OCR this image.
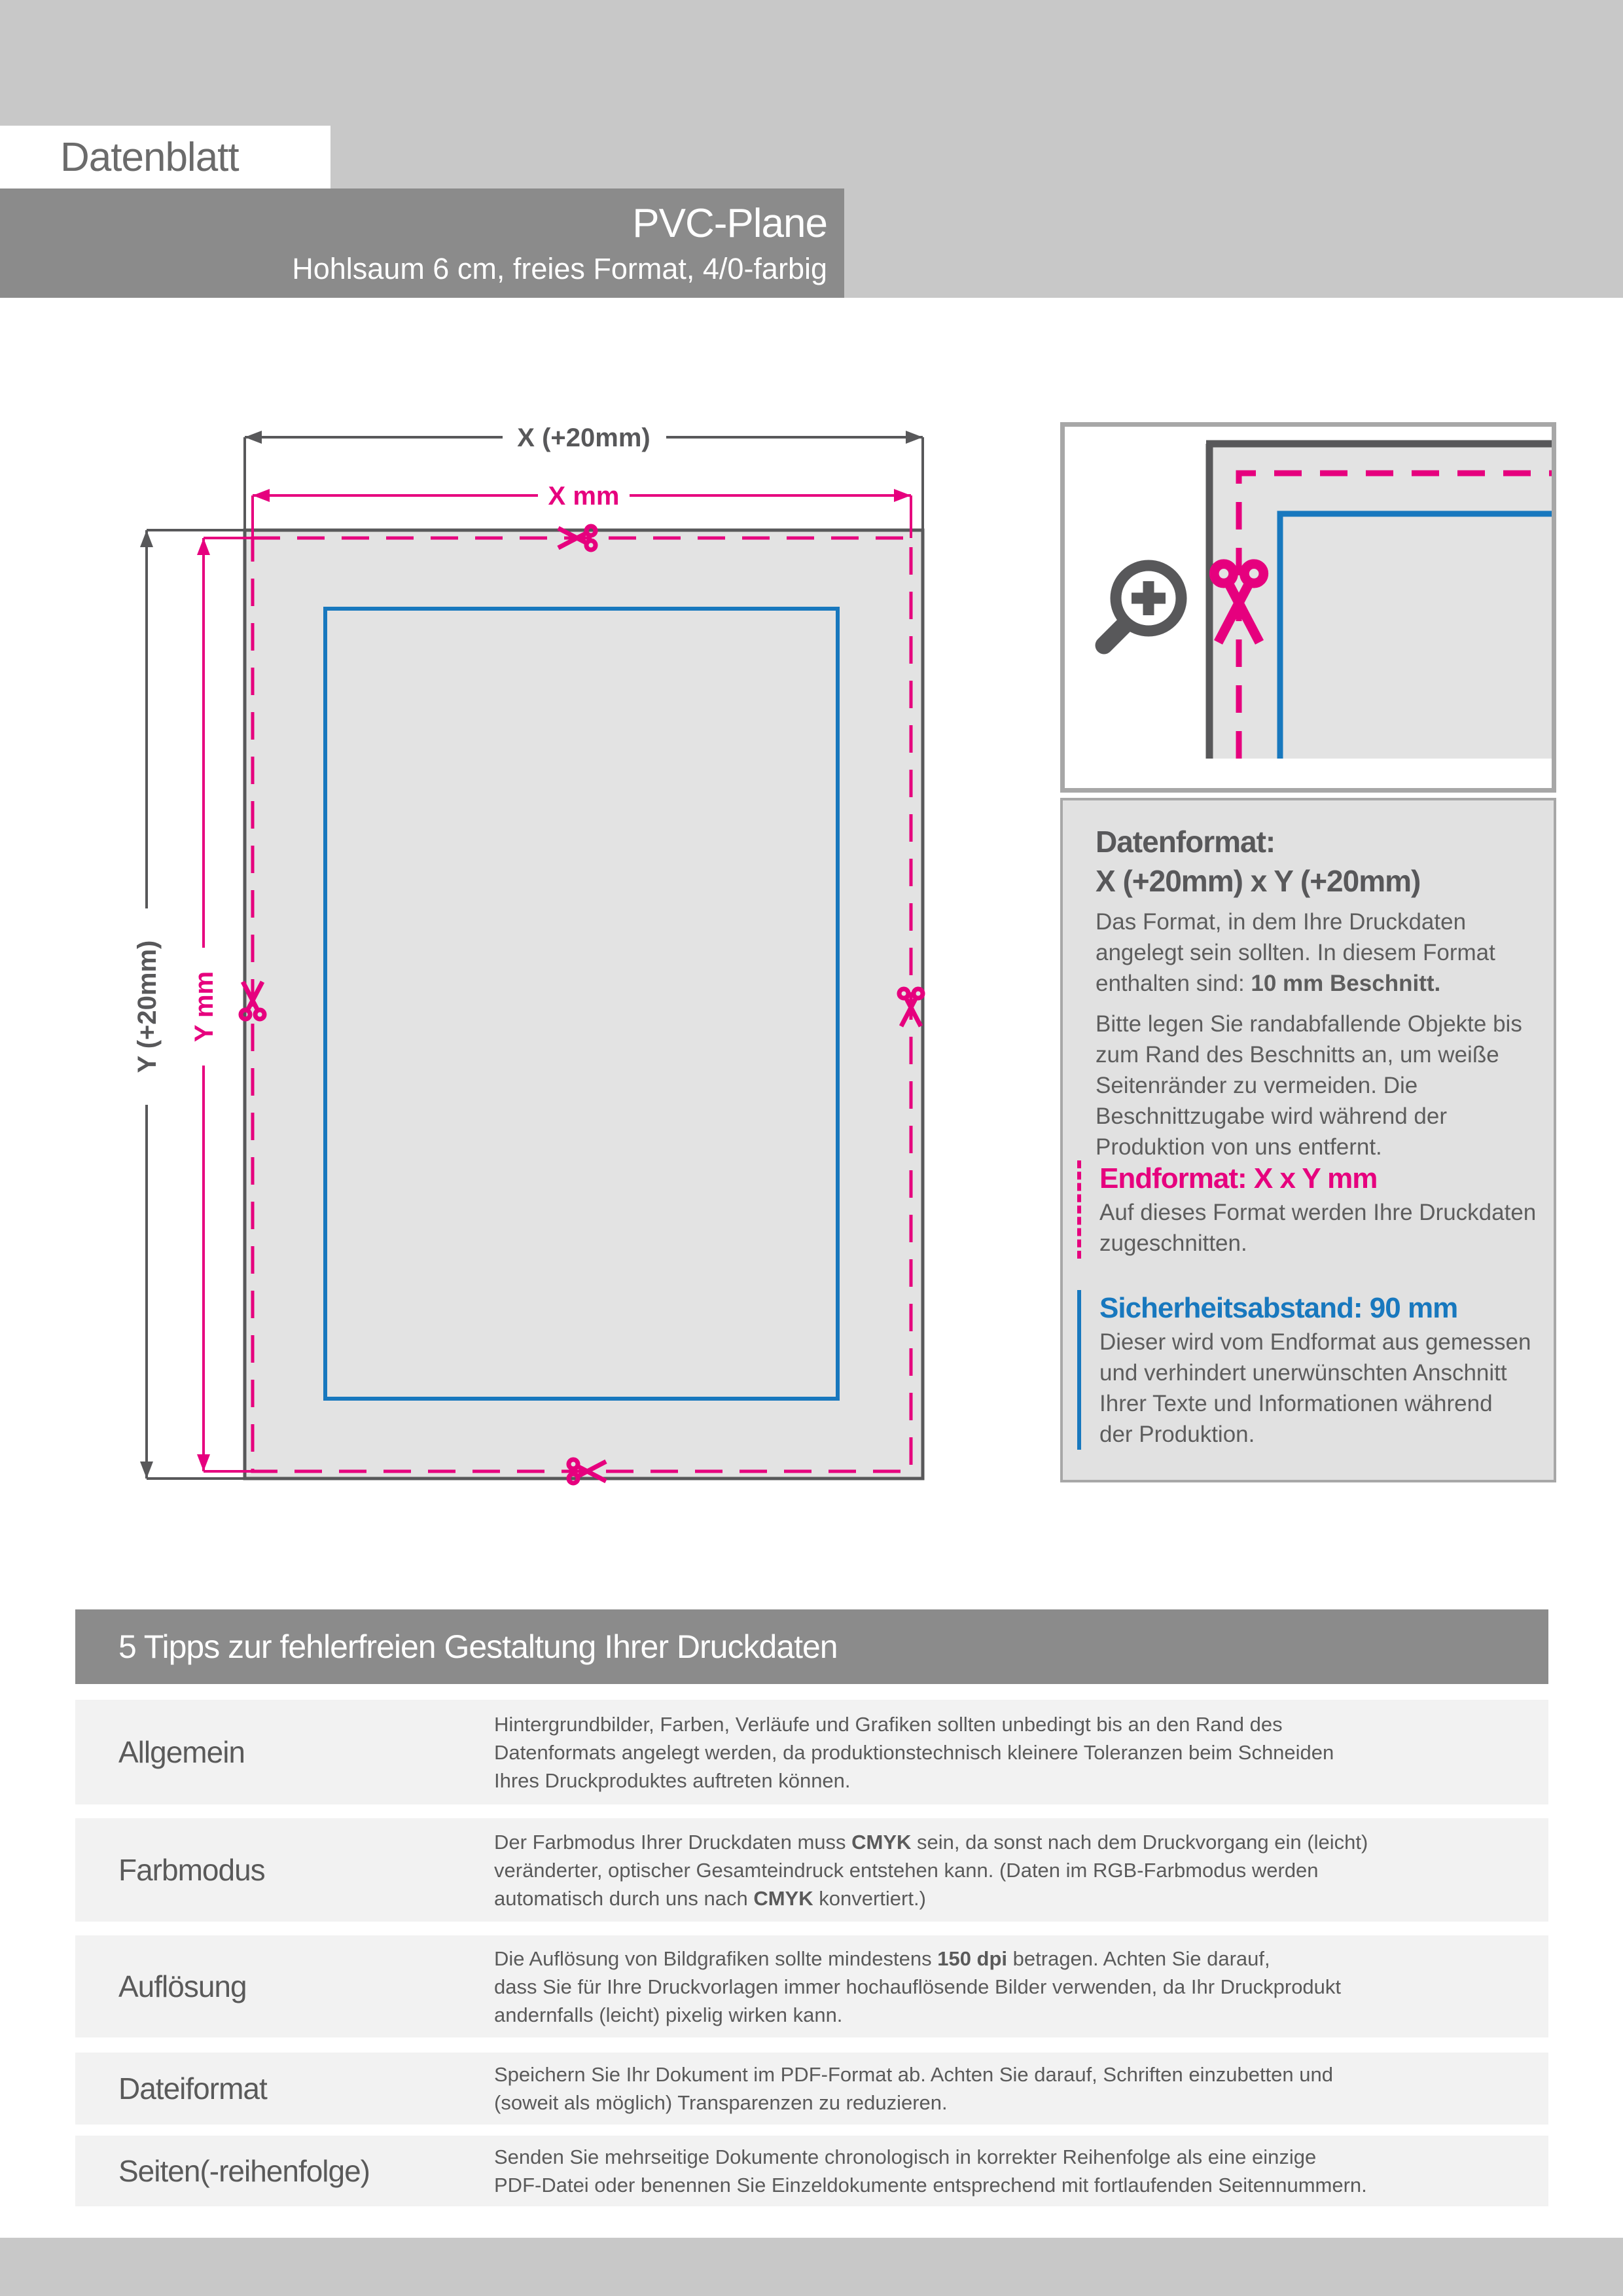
Datenblatt
PVC-Plane
Hohlsaum 6 cm, freies Format, 4/0-farbig
X (+20mm)
X mm
Y (+20mm) Y mm
Datenformat:
X (+20mm) x Y (+20mm)
Das Format, in dem Ihre Druckdaten
angelegt sein sollten. In diesem Format
enthalten sind: 10 mm Beschnitt.
Bitte legen Sie randabfallende Objekte bis
zum Rand des Beschnitts an, um weiße
Seitenränder zu vermeiden. Die
Beschnittzugabe wird während der
Produktion von uns entfernt.
Endformat: X x Y mm
Auf dieses Format werden Ihre Druckdaten
zugeschnitten.
Sicherheitsabstand: 90 mm
Dieser wird vom Endformat aus gemessen
und verhindert unerwünschten Anschnitt
Ihrer Texte und Informationen während
der Produktion.
5 Tipps zur fehlerfreien Gestaltung Ihrer Druckdaten
Allgemein
Hintergrundbilder, Farben, Verläufe und Grafiken sollten unbedingt bis an den Rand des
Datenformats angelegt werden, da produktionstechnisch kleinere Toleranzen beim Schneiden
Ihres Druckproduktes auftreten können.
Farbmodus
Der Farbmodus Ihrer Druckdaten muss CMYK sein, da sonst nach dem Druckvorgang ein (leicht)
veränderter, optischer Gesamteindruck entstehen kann. (Daten im RGB-Farbmodus werden
automatisch durch uns nach CMYK konvertiert.)
Auflösung
Die Auflösung von Bildgrafiken sollte mindestens 150 dpi betragen. Achten Sie darauf,
dass Sie für Ihre Druckvorlagen immer hochauflösende Bilder verwenden, da Ihr Druckprodukt
andernfalls (leicht) pixelig wirken kann.
Dateiformat	Speichern Sie Ihr Dokument im PDF-Format ab. Achten Sie darauf, Schriften einzubetten und
(soweit als möglich) Transparenzen zu reduzieren.
Seiten(-reihenfolge)	Senden Sie mehrseitige Dokumente chronologisch in korrekter Reihenfolge als eine einzige
PDF-Datei oder benennen Sie Einzeldokumente entsprechend mit fortlaufenden Seitennummern.
